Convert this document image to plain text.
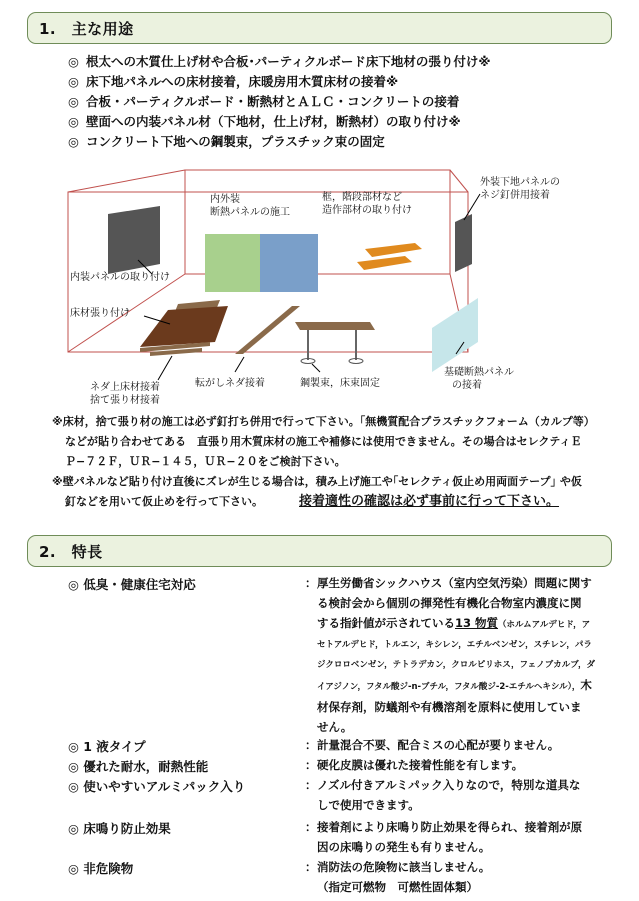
1.　主な用途
◎ 根太への木質仕上げ材や合板･パーティクルボード床下地材の張り付け※
◎ 床下地パネルへの床材接着，床暖房用木質床材の接着※
◎ 合板・パーティクルボード・断熱材とＡＬＣ・コンクリートの接着
◎ 壁面への内装パネル材（下地材，仕上げ材，断熱材）の取り付け※
◎ コンクリート下地への鋼製束，プラスチック束の固定
内装パネルの取り付け
内外装
断熱パネルの施工
框，階段部材など
造作部材の取り付け
外装下地パネルの
ネジ釘併用接着
床材張り付け
ネダ上床材接着
捨て張り材接着
転がしネダ接着	鋼製束，床束固定
基礎断熱パネル
の接着

※床材，捨て張り材の施工は必ず釘打ち併用で行って下さい。｢無機質配合プラスチックフォーム（カルプ等）

などが貼り合わせてある　直張り用木質床材の施工や補修には使用できません。その場合はセレクティＥ

Ｐ−７２Ｆ，ＵＲ−１４５，ＵＲ−２０をご検討下さい。

※壁パネルなど貼り付け直後にズレが生じる場合は，積み上げ施工や｢セレクティ仮止め用両面テープ｣ や仮

釘などを用いて仮止めを行って下さい。	接着適性の確認は必ず事前に行って下さい。

2.　特長
◎ 低臭・健康住宅対応	： 厚生労働省シックハウス（室内空気汚染）問題に関す
る検討会から個別の揮発性有機化合物室内濃度に関
する指針値が示されている13 物質（ホルムアルデヒド，ア
セトアルデヒド，トルエン，キシレン，エチルベンゼン，スチレン，パラ
ジクロロベンゼン，テトラデカン，クロルピリホス，フェノブカルブ，ダ
イアジノン，フタル酸ジ-n-ブチル，フタル酸ジ-2-エチルヘキシル），木
材保存剤，防蟻剤や有機溶剤を原料に使用していま
せん。
◎ 1 液タイプ	： 計量混合不要、配合ミスの心配が要りません。
◎ 優れた耐水，耐熱性能	： 硬化皮膜は優れた接着性能を有します。
◎ 使いやすいアルミパック入り	： ノズル付きアルミパック入りなので，特別な道具な
しで使用できます。
◎ 床鳴り防止効果	： 接着剤により床鳴り防止効果を得られ、接着剤が原
因の床鳴りの発生も有りません。
◎ 非危険物	： 消防法の危険物に該当しません。
（指定可燃物　可燃性固体類）
